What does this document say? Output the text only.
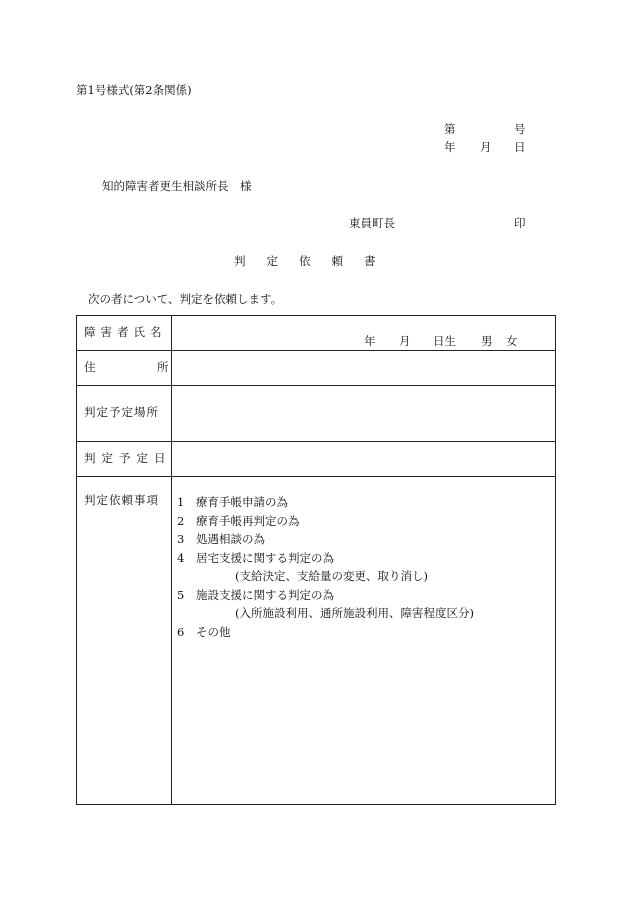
第1号様式(第2条関係)
第	号
年 月 日
知的障害者更生相談所長　様
東員町長	印
判定依頼書
次の者について、判定を依頼します。
障害者氏名
年 月 日生 男 女
住	所
判定予定場所
判定予定日
判定依頼事項 1 療育手帳申請の為
2 療育手帳再判定の為
3 処遇相談の為
4 居宅支援に関する判定の為
(支給決定、支給量の変更、取り消し)
5 施設支援に関する判定の為
(入所施設利用、通所施設利用、障害程度区分)
6 その他
